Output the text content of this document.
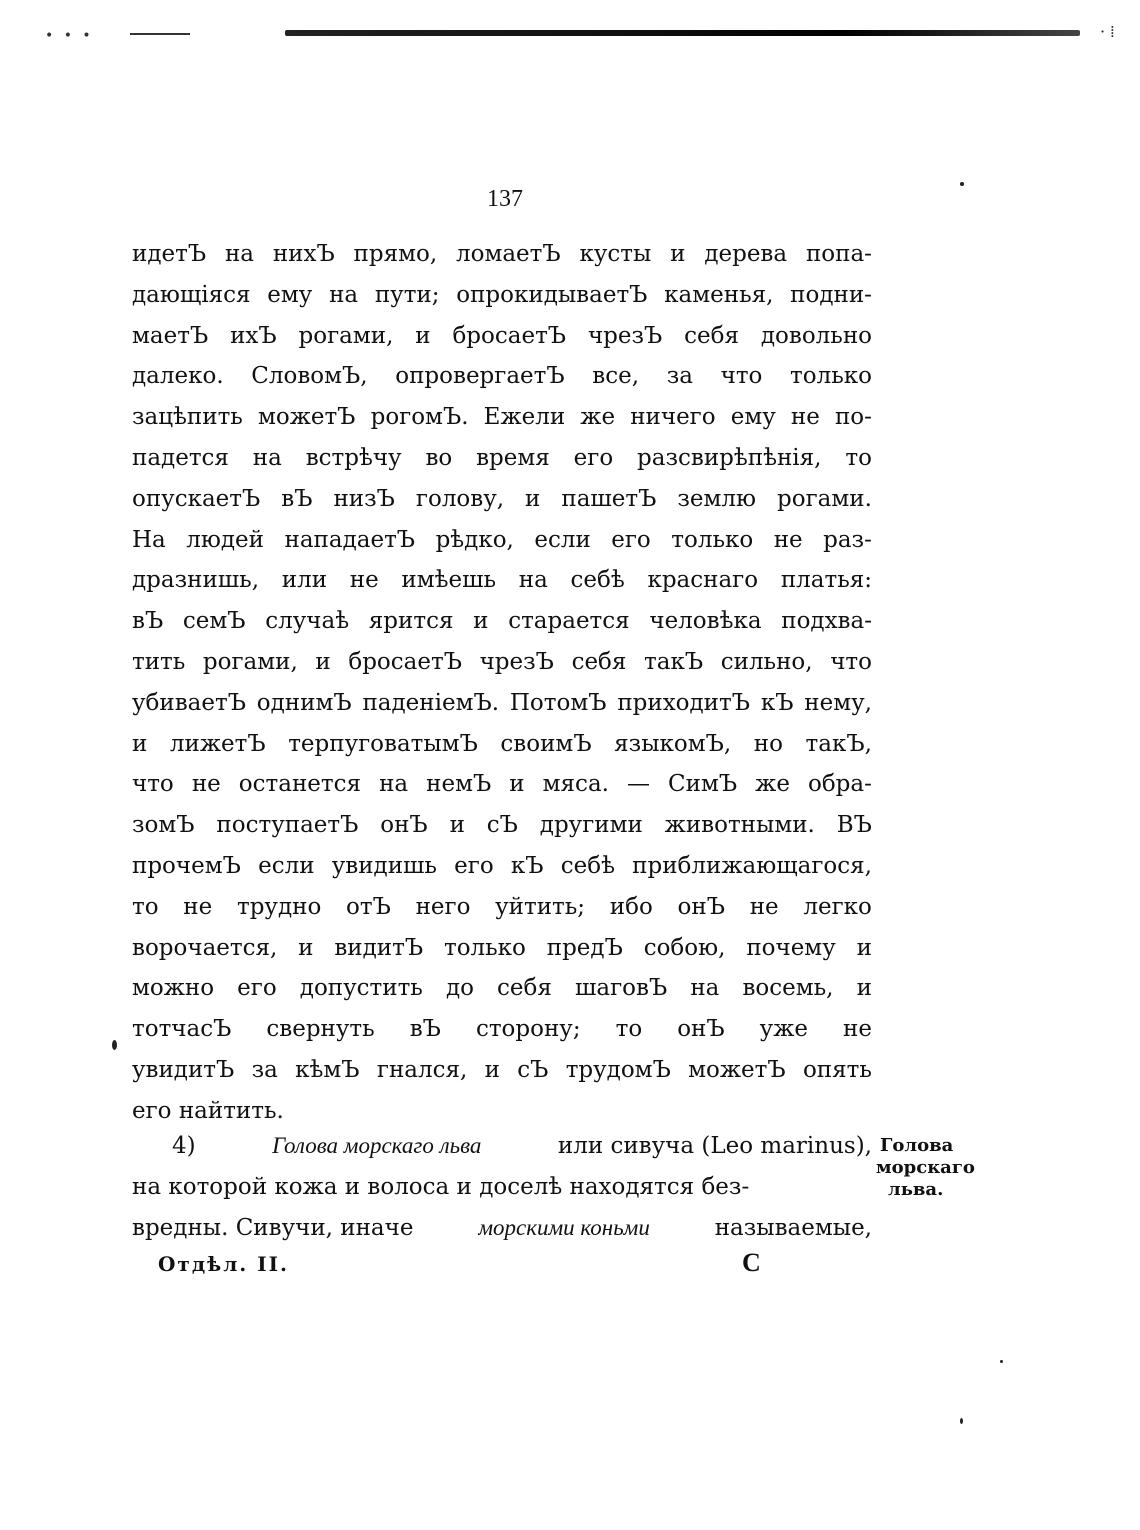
• • •	· ⁞
137
идетЪ на нихЪ прямо, ломаетЪ кусты и дерева попа-
дающіяся ему на пути; опрокидываетЪ каменья, подни-
маетЪ ихЪ рогами, и бросаетЪ чрезЪ себя довольно
далеко. СловомЪ, опровергаетЪ все, за что только
зацѣпить можетЪ рогомЪ. Ежели же ничего ему не по-
падется на встрѣчу во время его разсвирѣпѣнія, то
опускаетЪ вЪ низЪ голову, и пашетЪ землю рогами.
На людей нападаетЪ рѣдко, если его только не раз-
дразнишь, или не имѣешь на себѣ краснаго платья:
вЪ семЪ случаѣ ярится и старается человѣка подхва-
тить рогами, и бросаетЪ чрезЪ себя такЪ сильно, что
убиваетЪ однимЪ паденіемЪ. ПотомЪ приходитЪ кЪ нему,
и лижетЪ терпуговатымЪ своимЪ языкомЪ, но такЪ,
что не останется на немЪ и мяса. — СимЪ же обра-
зомЪ поступаетЪ онЪ и сЪ другими животными. ВЪ
прочемЪ если увидишь его кЪ себѣ приближающагося,
то не трудно отЪ него уйтить; ибо онЪ не легко
ворочается, и видитЪ только предЪ собою, почему и
можно его допустить до себя шаговЪ на восемь, и
тотчасЪ свернуть вЪ сторону; то онЪ уже не
увидитЪ за кѣмЪ гнался, и сЪ трудомЪ можетЪ опять
его найтить.
4)	Голова морскаго льва	или сивуча (Leo marinus),
на которой кожа и волоса и доселѣ находятся без-
вредны. Сивучи, иначе	морскими коньми	называемые,
Голова
морскаго
льва.
Отдѣл. II.	C
